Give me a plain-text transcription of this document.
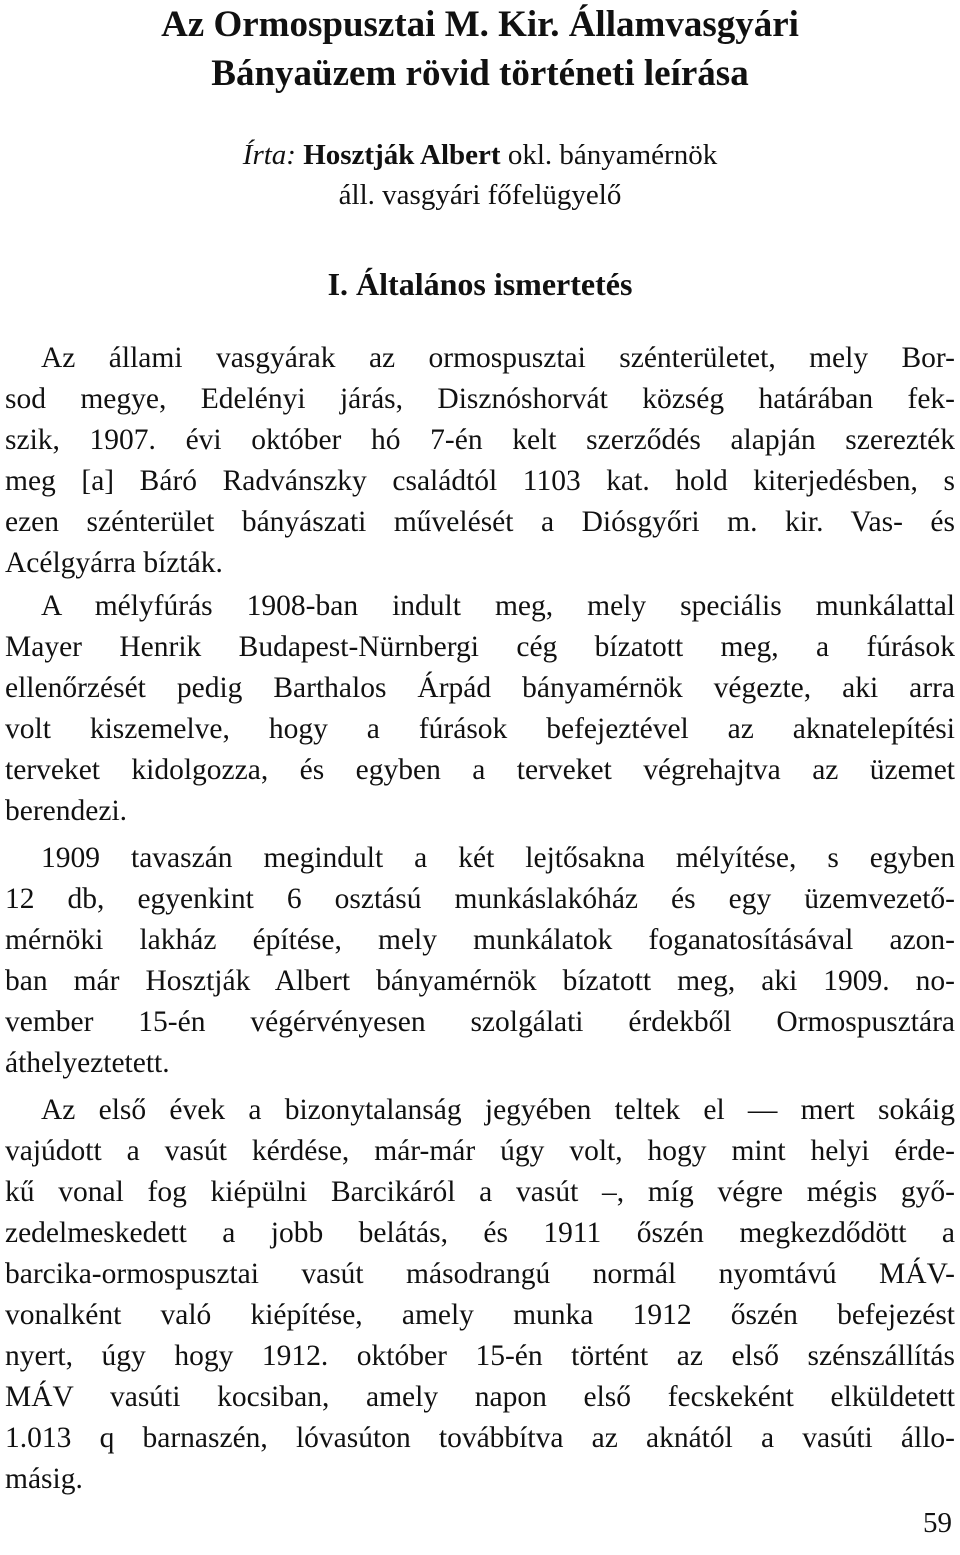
Az Ormospusztai M. Kir. Államvasgyári
Bányaüzem rövid történeti leírása
Írta: Hosztják Albert okl. bányamérnök
áll. vasgyári főfelügyelő
I. Általános ismertetés
Az állami vasgyárak az ormospusztai szénterületet, mely Bor-
sod megye, Edelényi járás, Disznóshorvát község határában fek-
szik, 1907. évi október hó 7-én kelt szerződés alapján szerezték
meg [a] Báró Radvánszky családtól 1103 kat. hold kiterjedésben, s
ezen szénterület bányászati művelését a Diósgyőri m. kir. Vas- és
Acélgyárra bízták.
A mélyfúrás 1908-ban indult meg, mely speciális munkálattal
Mayer Henrik Budapest-Nürnbergi cég bízatott meg, a fúrások
ellenőrzését pedig Barthalos Árpád bányamérnök végezte, aki arra
volt kiszemelve, hogy a fúrások befejeztével az aknatelepítési
terveket kidolgozza, és egyben a terveket végrehajtva az üzemet
berendezi.
1909 tavaszán megindult a két lejtősakna mélyítése, s egyben
12 db, egyenkint 6 osztású munkáslakóház és egy üzemvezető-
mérnöki lakház építése, mely munkálatok foganatosításával azon-
ban már Hosztják Albert bányamérnök bízatott meg, aki 1909. no-
vember 15-én végérvényesen szolgálati érdekből Ormospusztára
áthelyeztetett.
Az első évek a bizonytalanság jegyében teltek el — mert sokáig
vajúdott a vasút kérdése, már-már úgy volt, hogy mint helyi érde-
kű vonal fog kiépülni Barcikáról a vasút –, míg végre mégis győ-
zedelmeskedett a jobb belátás, és 1911 őszén megkezdődött a
barcika-ormospusztai vasút másodrangú normál nyomtávú MÁV-
vonalként való kiépítése, amely munka 1912 őszén befejezést
nyert, úgy hogy 1912. október 15-én történt az első szénszállítás
MÁV vasúti kocsiban, amely napon első fecskeként elküldetett
1.013 q barnaszén, lóvasúton továbbítva az aknától a vasúti állo-
másig.
59
